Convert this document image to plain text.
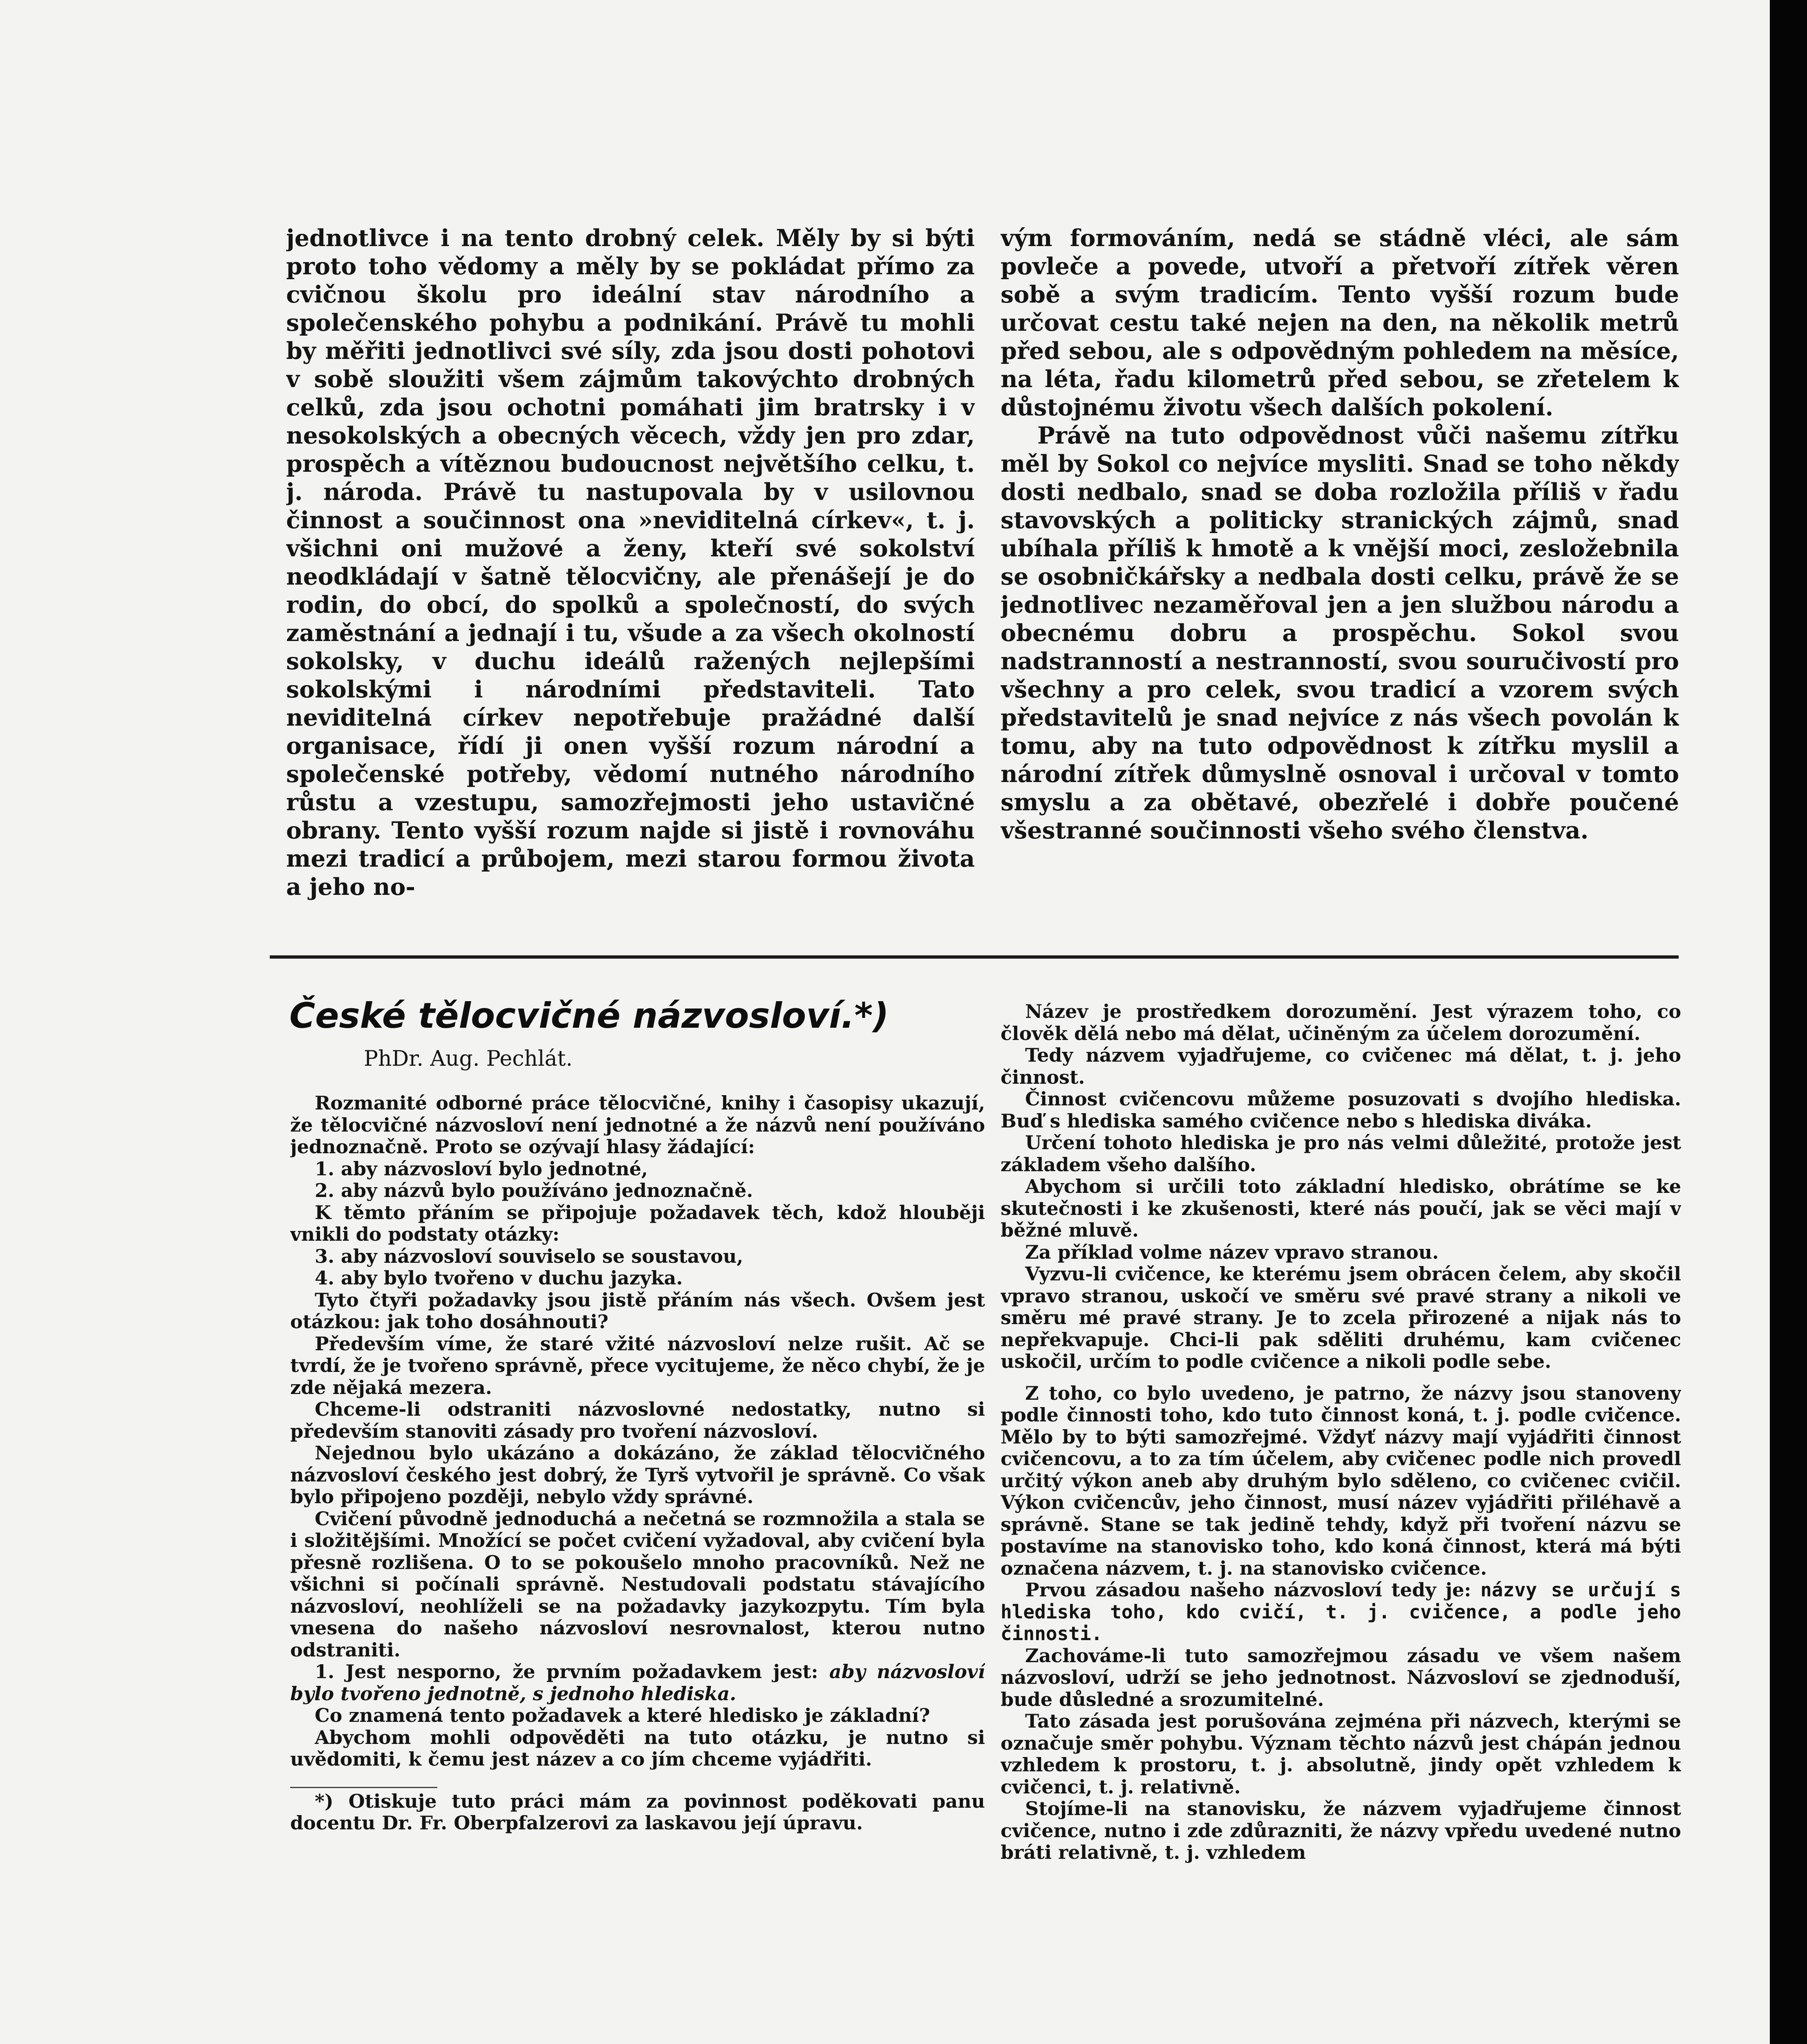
jednotlivce i na tento drobný celek. Měly by si býti proto toho vědomy a měly by se pokládat přímo za cvičnou školu pro ideální stav národního a společenského pohybu a podnikání. Právě tu mohli by měřiti jednotlivci své síly, zda jsou dosti pohotovi v sobě sloužiti všem zájmům takovýchto drobných celků, zda jsou ochotni pomáhati jim bratrsky i v nesokolských a obecných věcech, vždy jen pro zdar, prospěch a vítěznou budoucnost největšího celku, t. j. národa. Právě tu nastupovala by v usilovnou činnost a součinnost ona »neviditelná církev«, t. j. všichni oni mužové a ženy, kteří své sokolství neodkládají v šatně tělocvičny, ale přenášejí je do rodin, do obcí, do spolků a společností, do svých zaměstnání a jednají i tu, všude a za všech okolností sokolsky, v duchu ideálů ražených nejlepšími sokolskými i národními představiteli. Tato neviditelná církev nepotřebuje pražádné další organisace, řídí ji onen vyšší rozum národní a společenské potřeby, vědomí nutného národního růstu a vzestupu, samozřejmosti jeho ustavičné obrany. Tento vyšší rozum najde si jistě i rovnováhu mezi tradicí a průbojem, mezi starou formou života a jeho no-

vým formováním, nedá se stádně vléci, ale sám povleče a povede, utvoří a přetvoří zítřek věren sobě a svým tradicím. Tento vyšší rozum bude určovat cestu také nejen na den, na několik metrů před sebou, ale s odpovědným pohledem na měsíce, na léta, řadu kilometrů před sebou, se zřetelem k důstojnému životu všech dalších pokolení.

Právě na tuto odpovědnost vůči našemu zítřku měl by Sokol co nejvíce mysliti. Snad se toho někdy dosti nedbalo, snad se doba rozložila příliš v řadu stavovských a politicky stranických zájmů, snad ubíhala příliš k hmotě a k vnější moci, zesložebnila se osobničkářsky a nedbala dosti celku, právě že se jednotlivec nezaměřoval jen a jen službou národu a obecnému dobru a prospěchu. Sokol svou nadstranností a nestranností, svou souručivostí pro všechny a pro celek, svou tradicí a vzorem svých představitelů je snad nejvíce z nás všech povolán k tomu, aby na tuto odpovědnost k zítřku myslil a národní zítřek důmyslně osnoval i určoval v tomto smyslu a za obětavé, obezřelé i dobře poučené všestranné součinnosti všeho svého členstva.

České tělocvičné názvosloví.*)

PhDr. Aug. Pechlát.

Rozmanité odborné práce tělocvičné, knihy i časopisy ukazují, že tělocvičné názvosloví není jednotné a že názvů není používáno jednoznačně. Proto se ozývají hlasy žádající:

1. aby názvosloví bylo jednotné,
2. aby názvů bylo používáno jednoznačně.

K těmto přáním se připojuje požadavek těch, kdož hlouběji vnikli do podstaty otázky:

3. aby názvosloví souviselo se soustavou,
4. aby bylo tvořeno v duchu jazyka.

Tyto čtyři požadavky jsou jistě přáním nás všech. Ovšem jest otázkou: jak toho dosáhnouti?

Především víme, že staré vžité názvosloví nelze rušit. Ač se tvrdí, že je tvořeno správně, přece vycitujeme, že něco chybí, že je zde nějaká mezera.

Chceme-li odstraniti názvoslovné nedostatky, nutno si především stanoviti zásady pro tvoření názvosloví.

Nejednou bylo ukázáno a dokázáno, že základ tělocvičného názvosloví českého jest dobrý, že Tyrš vytvořil je správně. Co však bylo připojeno později, nebylo vždy správné.

Cvičení původně jednoduchá a nečetná se rozmnožila a stala se i složitějšími. Množící se počet cvičení vyžadoval, aby cvičení byla přesně rozlišena. O to se pokoušelo mnoho pracovníků. Než ne všichni si počínali správně. Nestudovali podstatu stávajícího názvosloví, neohlíželi se na požadavky jazykozpytu. Tím byla vnesena do našeho názvosloví nesrovnalost, kterou nutno odstraniti.

1. Jest nesporno, že prvním požadavkem jest: aby názvosloví bylo tvořeno jednotně, s jednoho hlediska.

Co znamená tento požadavek a které hledisko je základní?

Abychom mohli odpověděti na tuto otázku, je nutno si uvědomiti, k čemu jest název a co jím chceme vyjádřiti.

*) Otiskuje tuto práci mám za povinnost poděkovati panu docentu Dr. Fr. Oberpfalzerovi za laskavou její úpravu.

Název je prostředkem dorozumění. Jest výrazem toho, co člověk dělá nebo má dělat, učiněným za účelem dorozumění.

Tedy názvem vyjadřujeme, co cvičenec má dělat, t. j. jeho činnost.

Činnost cvičencovu můžeme posuzovati s dvojího hlediska. Buď s hlediska samého cvičence nebo s hlediska diváka.

Určení tohoto hlediska je pro nás velmi důležité, protože jest základem všeho dalšího.

Abychom si určili toto základní hledisko, obrátíme se ke skutečnosti i ke zkušenosti, které nás poučí, jak se věci mají v běžné mluvě.

Za příklad volme název vpravo stranou.

Vyzvu-li cvičence, ke kterému jsem obrácen čelem, aby skočil vpravo stranou, uskočí ve směru své pravé strany a nikoli ve směru mé pravé strany. Je to zcela přirozené a nijak nás to nepřekvapuje. Chci-li pak sděliti druhému, kam cvičenec uskočil, určím to podle cvičence a nikoli podle sebe.

Z toho, co bylo uvedeno, je patrno, že názvy jsou stanoveny podle činnosti toho, kdo tuto činnost koná, t. j. podle cvičence. Mělo by to býti samozřejmé. Vždyť názvy mají vyjádřiti činnost cvičencovu, a to za tím účelem, aby cvičenec podle nich provedl určitý výkon aneb aby druhým bylo sděleno, co cvičenec cvičil. Výkon cvičencův, jeho činnost, musí název vyjádřiti přiléhavě a správně. Stane se tak jedině tehdy, když při tvoření názvu se postavíme na stanovisko toho, kdo koná činnost, která má býti označena názvem, t. j. na stanovisko cvičence.

Prvou zásadou našeho názvosloví tedy je: názvy se určují s hlediska toho, kdo cvičí, t. j. cvičence, a podle jeho činnosti.

Zachováme-li tuto samozřejmou zásadu ve všem našem názvosloví, udrží se jeho jednotnost. Názvosloví se zjednoduší, bude důsledné a srozumitelné.

Tato zásada jest porušována zejména při názvech, kterými se označuje směr pohybu. Význam těchto názvů jest chápán jednou vzhledem k prostoru, t. j. absolutně, jindy opět vzhledem k cvičenci, t. j. relativně.

Stojíme-li na stanovisku, že názvem vyjadřujeme činnost cvičence, nutno i zde zdůrazniti, že názvy vpředu uvedené nutno bráti relativně, t. j. vzhledem
